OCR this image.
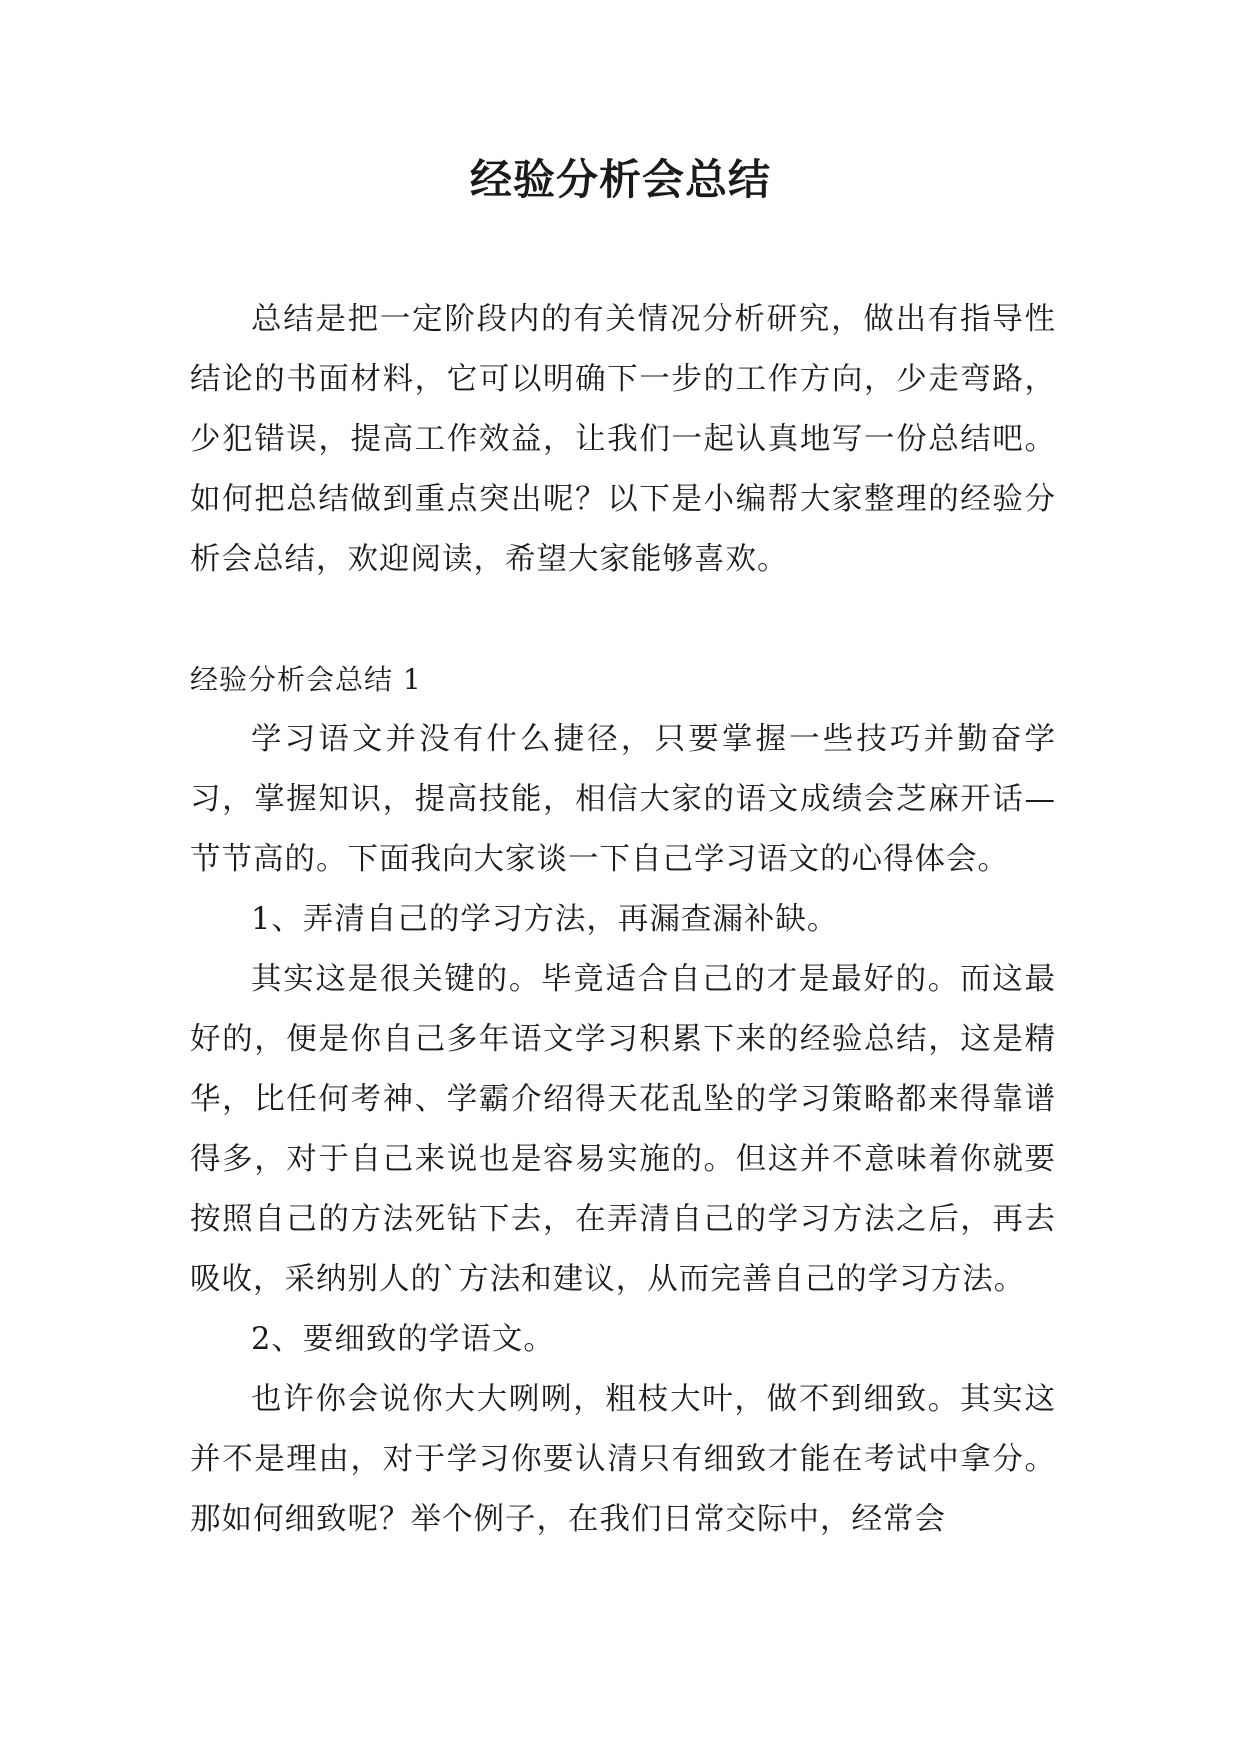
经验分析会总结

总结是把一定阶段内的有关情况分析研究，做出有指导性结论的书面材料，它可以明确下一步的工作方向，少走弯路，少犯错误，提高工作效益，让我们一起认真地写一份总结吧。如何把总结做到重点突出呢？以下是小编帮大家整理的经验分析会总结，欢迎阅读，希望大家能够喜欢。

经验分析会总结 1

学习语文并没有什么捷径，只要掌握一些技巧并勤奋学习，掌握知识，提高技能，相信大家的语文成绩会芝麻开话—节节高的。下面我向大家谈一下自己学习语文的心得体会。

1、弄清自己的学习方法，再漏查漏补缺。

其实这是很关键的。毕竟适合自己的才是最好的。而这最好的，便是你自己多年语文学习积累下来的经验总结，这是精华，比任何考神、学霸介绍得天花乱坠的学习策略都来得靠谱得多，对于自己来说也是容易实施的。但这并不意味着你就要按照自己的方法死钻下去，在弄清自己的学习方法之后，再去吸收，采纳别人的`方法和建议，从而完善自己的学习方法。

2、要细致的学语文。

也许你会说你大大咧咧，粗枝大叶，做不到细致。其实这并不是理由，对于学习你要认清只有细致才能在考试中拿分。那如何细致呢？举个例子，在我们日常交际中，经常会
